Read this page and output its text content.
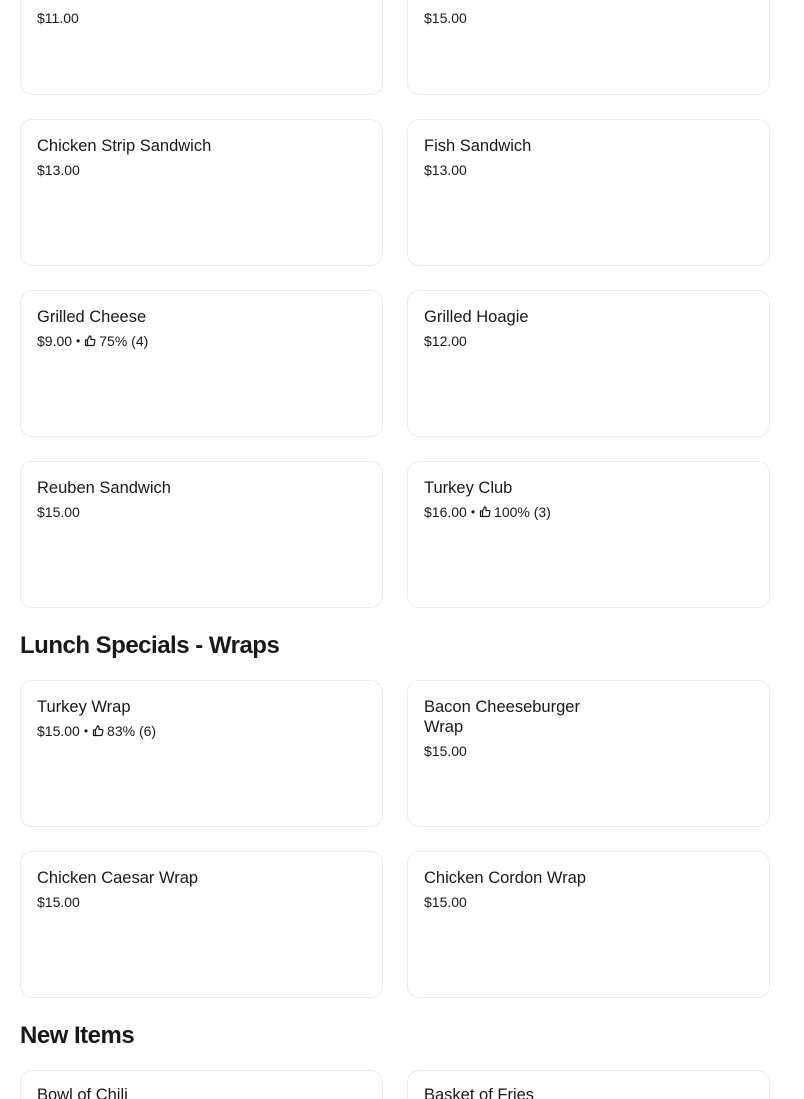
$11.00	$15.00
Chicken Strip Sandwich
$13.00
Fish Sandwich
$13.00
Grilled Cheese
$9.00 • 75% (4)
Grilled Hoagie
$12.00
Reuben Sandwich
$15.00
Turkey Club
$16.00 • 100% (3)
Lunch Specials - Wraps
Turkey Wrap
$15.00 • 83% (6)
Bacon Cheeseburger Wrap
$15.00
Chicken Caesar Wrap
$15.00
Chicken Cordon Wrap
$15.00
New Items
Bowl of Chili	Basket of Fries
